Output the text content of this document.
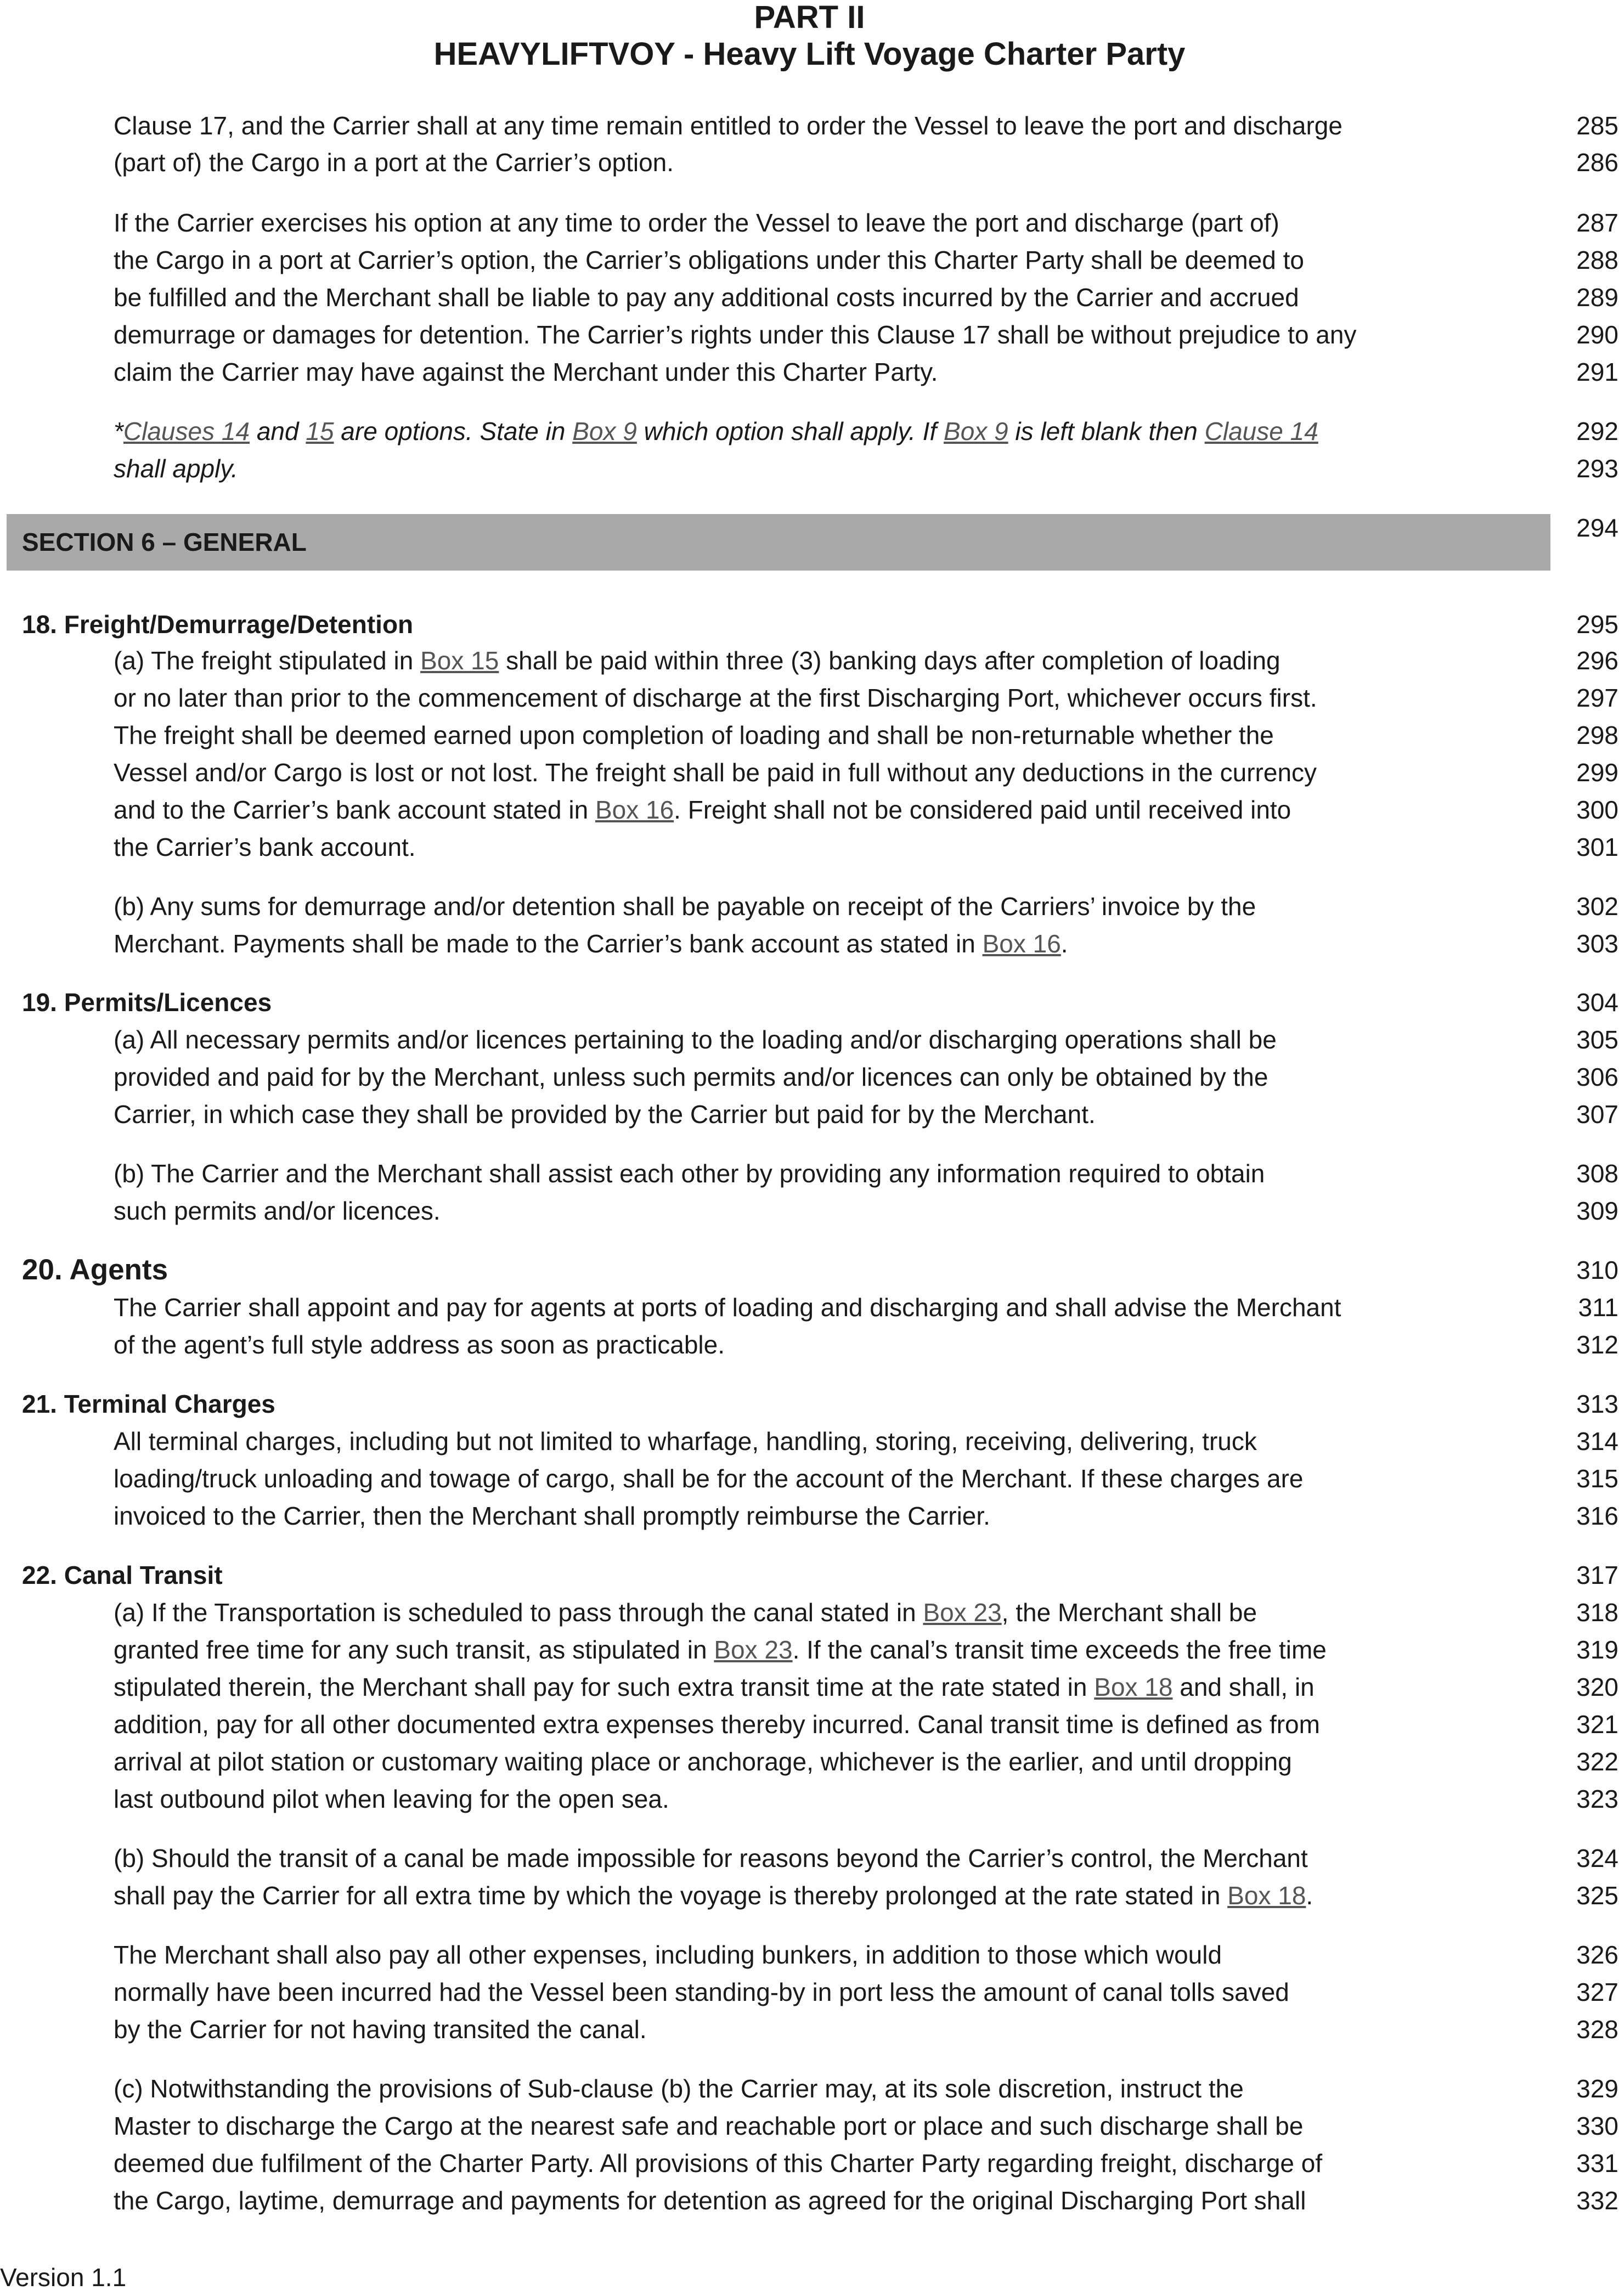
PART II
HEAVYLIFTVOY - Heavy Lift Voyage Charter Party
SECTION 6 – GENERAL	294
Clause 17, and the Carrier shall at any time remain entitled to order the Vessel to leave the port and discharge	285
(part of) the Cargo in a port at the Carrier’s option.	286
If the Carrier exercises his option at any time to order the Vessel to leave the port and discharge (part of)	287
the Cargo in a port at Carrier’s option, the Carrier’s obligations under this Charter Party shall be deemed to	288
be fulfilled and the Merchant shall be liable to pay any additional costs incurred by the Carrier and accrued	289
demurrage or damages for detention. The Carrier’s rights under this Clause 17 shall be without prejudice to any	290
claim the Carrier may have against the Merchant under this Charter Party.	291
*Clauses 14 and 15 are options. State in Box 9 which option shall apply. If Box 9 is left blank then Clause 14	292
shall apply.	293
18. Freight/Demurrage/Detention	295
(a) The freight stipulated in Box 15 shall be paid within three (3) banking days after completion of loading	296
or no later than prior to the commencement of discharge at the first Discharging Port, whichever occurs first.	297
The freight shall be deemed earned upon completion of loading and shall be non-returnable whether the	298
Vessel and/or Cargo is lost or not lost. The freight shall be paid in full without any deductions in the currency	299
and to the Carrier’s bank account stated in Box 16. Freight shall not be considered paid until received into	300
the Carrier’s bank account.	301
(b) Any sums for demurrage and/or detention shall be payable on receipt of the Carriers’ invoice by the	302
Merchant. Payments shall be made to the Carrier’s bank account as stated in Box 16.	303
19. Permits/Licences	304
(a) All necessary permits and/or licences pertaining to the loading and/or discharging operations shall be	305
provided and paid for by the Merchant, unless such permits and/or licences can only be obtained by the	306
Carrier, in which case they shall be provided by the Carrier but paid for by the Merchant.	307
(b) The Carrier and the Merchant shall assist each other by providing any information required to obtain	308
such permits and/or licences.	309
20. Agents	310
The Carrier shall appoint and pay for agents at ports of loading and discharging and shall advise the Merchant	311
of the agent’s full style address as soon as practicable.	312
21. Terminal Charges	313
All terminal charges, including but not limited to wharfage, handling, storing, receiving, delivering, truck	314
loading/truck unloading and towage of cargo, shall be for the account of the Merchant. If these charges are	315
invoiced to the Carrier, then the Merchant shall promptly reimburse the Carrier.	316
22. Canal Transit	317
(a) If the Transportation is scheduled to pass through the canal stated in Box 23, the Merchant shall be	318
granted free time for any such transit, as stipulated in Box 23. If the canal’s transit time exceeds the free time	319
stipulated therein, the Merchant shall pay for such extra transit time at the rate stated in Box 18 and shall, in	320
addition, pay for all other documented extra expenses thereby incurred. Canal transit time is defined as from	321
arrival at pilot station or customary waiting place or anchorage, whichever is the earlier, and until dropping	322
last outbound pilot when leaving for the open sea.	323
(b) Should the transit of a canal be made impossible for reasons beyond the Carrier’s control, the Merchant	324
shall pay the Carrier for all extra time by which the voyage is thereby prolonged at the rate stated in Box 18.	325
The Merchant shall also pay all other expenses, including bunkers, in addition to those which would	326
normally have been incurred had the Vessel been standing-by in port less the amount of canal tolls saved	327
by the Carrier for not having transited the canal.	328
(c) Notwithstanding the provisions of Sub-clause (b) the Carrier may, at its sole discretion, instruct the	329
Master to discharge the Cargo at the nearest safe and reachable port or place and such discharge shall be	330
deemed due fulfilment of the Charter Party. All provisions of this Charter Party regarding freight, discharge of	331
the Cargo, laytime, demurrage and payments for detention as agreed for the original Discharging Port shall	332
Version 1.1
